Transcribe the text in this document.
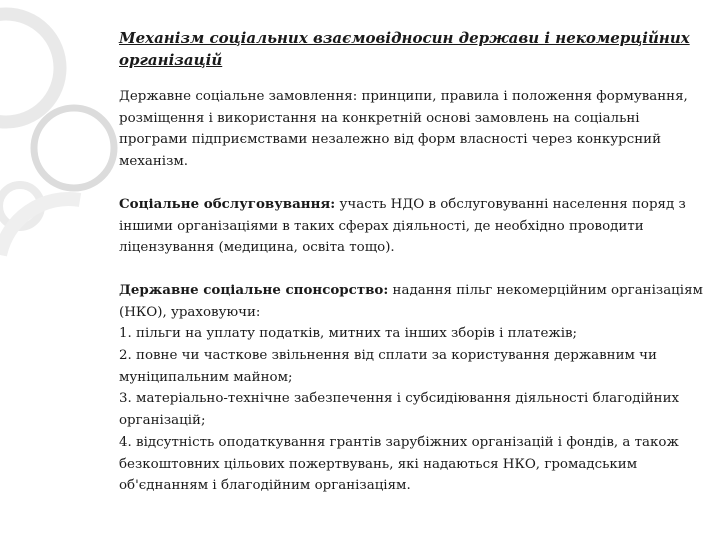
Механізм соціальних взаємовідносин держави і некомерційних організацій

Державне соціальне замовлення: принципи, правила і положення формування, розміщення і використання на конкретній основі замовлень на соціальні програми підприємствами незалежно від форм власності через конкурсний механізм.

Соціальне обслуговування: участь НДО в обслуговуванні населення поряд з іншими організаціями в таких сферах діяльності, де необхідно проводити ліцензування (медицина, освіта тощо).

Державне соціальне спонсорство: надання пільг некомерційним організаціям (НКО), ураховуючи:

1. пільги на уплату податків, митних та інших зборів і платежів;
2. повне чи часткове звільнення від сплати за користування державним чи муніципальним майном;
3. матеріально-технічне забезпечення і субсидіювання діяльності благодійних організацій;
4. відсутність оподаткування грантів зарубіжних організацій і фондів, а також безкоштовних цільових пожертвувань, які надаються НКО, громадським об'єднанням і благодійним організаціям.
